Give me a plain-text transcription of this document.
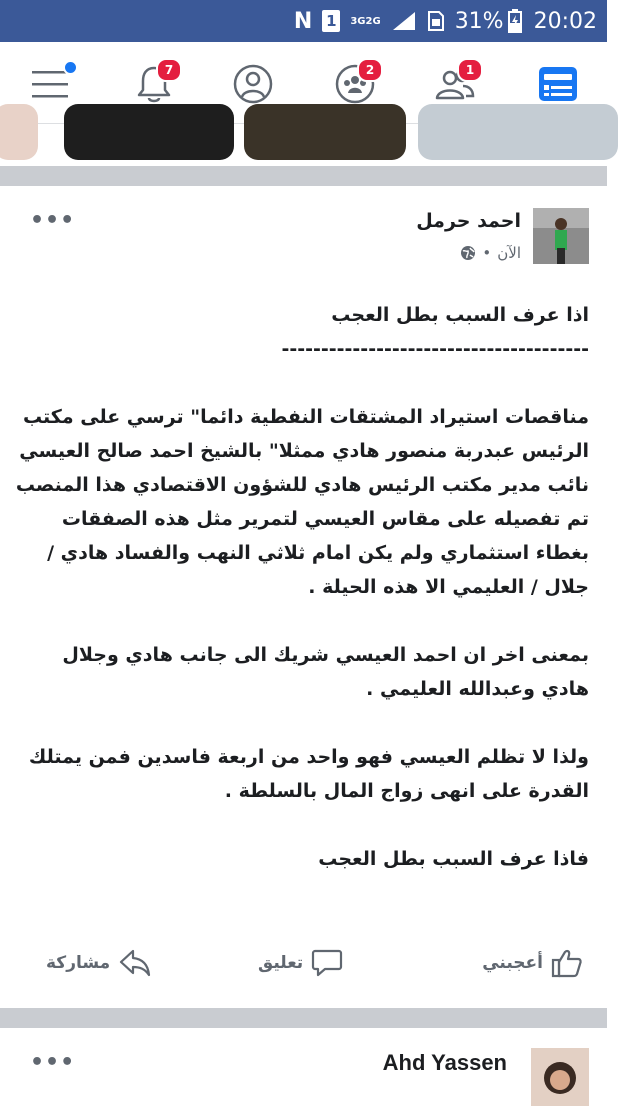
N 1	3G 2G	31% 20:02
7	2	1
•••	احمد حرمل
الآن
•

اذا عرف السبب بطل العجب

---------------------------------------

مناقصات استيراد المشتقات النفطية دائما" ترسي على مكتب الرئيس عبدربة منصور هادي ممثلا" بالشيخ احمد صالح العيسي نائب مدير مكتب الرئيس هادي للشؤون الاقتصادي هذا المنصب تم تفصيله على مقاس العيسي لتمرير مثل هذه الصفقات بغطاء استثماري ولم يكن امام ثلاثي النهب والفساد هادي / جلال / العليمي الا هذه الحيلة .

بمعنى اخر ان احمد العيسي شريك الى جانب هادي وجلال هادي وعبدالله العليمي .

ولذا لا تظلم العيسي فهو واحد من اربعة فاسدين فمن يمتلك القدرة على انهى زواج المال بالسلطة .

فاذا عرف السبب بطل العجب

أعجبني
تعليق
مشاركة
•••	Ahd Yassen
